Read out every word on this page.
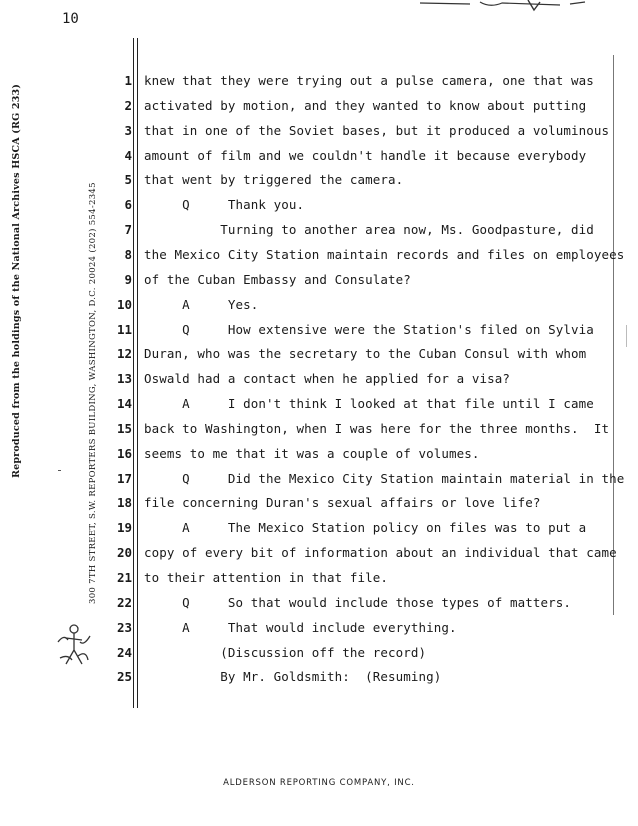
10
Reproduced from the holdings of the National Archives HSCA (RG 233)	300 7TH STREET, S.W. REPORTERS BUILDING, WASHINGTON, D.C. 20024 (202) 554-2345
1
2
3
4
5
6
7
8
9
10
11
12
13
14
15
16
17
18
19
20
21
22
23
24
25
knew that they were trying out a pulse camera, one that was
activated by motion, and they wanted to know about putting
that in one of the Soviet bases, but it produced a voluminous
amount of film and we couldn't handle it because everybody
that went by triggered the camera.
Q     Thank you.
Turning to another area now, Ms. Goodpasture, did
the Mexico City Station maintain records and files on employees
of the Cuban Embassy and Consulate?
A     Yes.
Q     How extensive were the Station's filed on Sylvia
Duran, who was the secretary to the Cuban Consul with whom
Oswald had a contact when he applied for a visa?
A     I don't think I looked at that file until I came
back to Washington, when I was here for the three months.  It
seems to me that it was a couple of volumes.
Q     Did the Mexico City Station maintain material in the
file concerning Duran's sexual affairs or love life?
A     The Mexico Station policy on files was to put a
copy of every bit of information about an individual that came
to their attention in that file.
Q     So that would include those types of matters.
A     That would include everything.
(Discussion off the record)
By Mr. Goldsmith:  (Resuming)
ALDERSON REPORTING COMPANY, INC.
